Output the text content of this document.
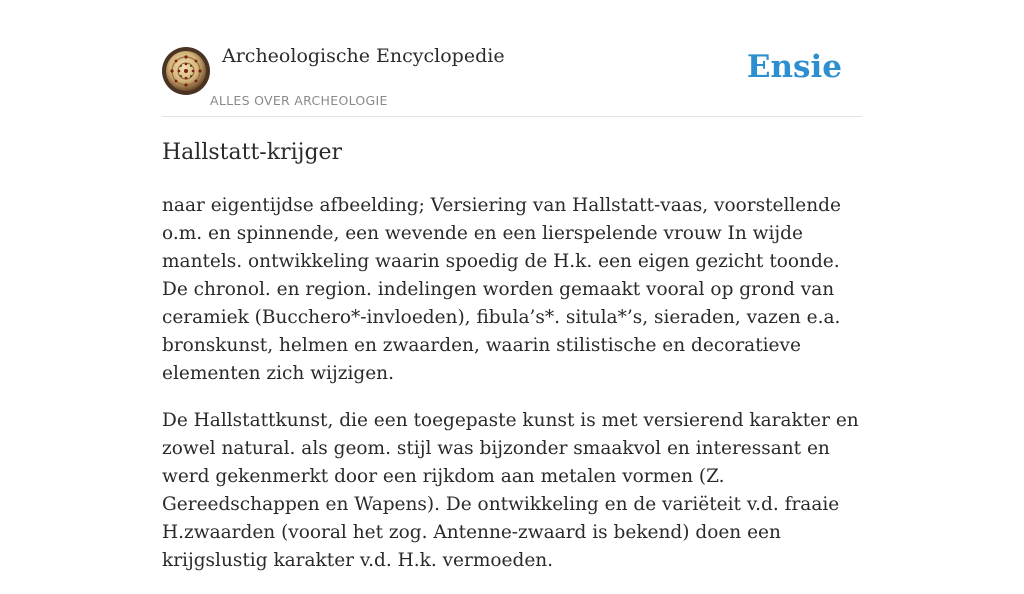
Archeologische Encyclopedie
ALLES OVER ARCHEOLOGIE
Ensie
Hallstatt-krijger

naar eigentijdse afbeelding; Versiering van Hallstatt-vaas, voorstellende o.m. en spinnende, een wevende en een lierspelende vrouw In wijde mantels. ontwikkeling waarin spoedig de H.k. een eigen gezicht toonde. De chronol. en region. indelingen worden gemaakt vooral op grond van ceramiek (Bucchero*-invloeden), fibula’s*. situla*’s, sieraden, vazen e.a. bronskunst, helmen en zwaarden, waarin stilistische en decoratieve elementen zich wijzigen.

De Hallstattkunst, die een toegepaste kunst is met versierend karakter en zowel natural. als geom. stijl was bijzonder smaakvol en interessant en werd gekenmerkt door een rijkdom aan metalen vormen (Z. Gereedschappen en Wapens). De ontwikkeling en de variëteit v.d. fraaie H.zwaarden (vooral het zog. Antenne-zwaard is bekend) doen een krijgslustig karakter v.d. H.k. vermoeden.
